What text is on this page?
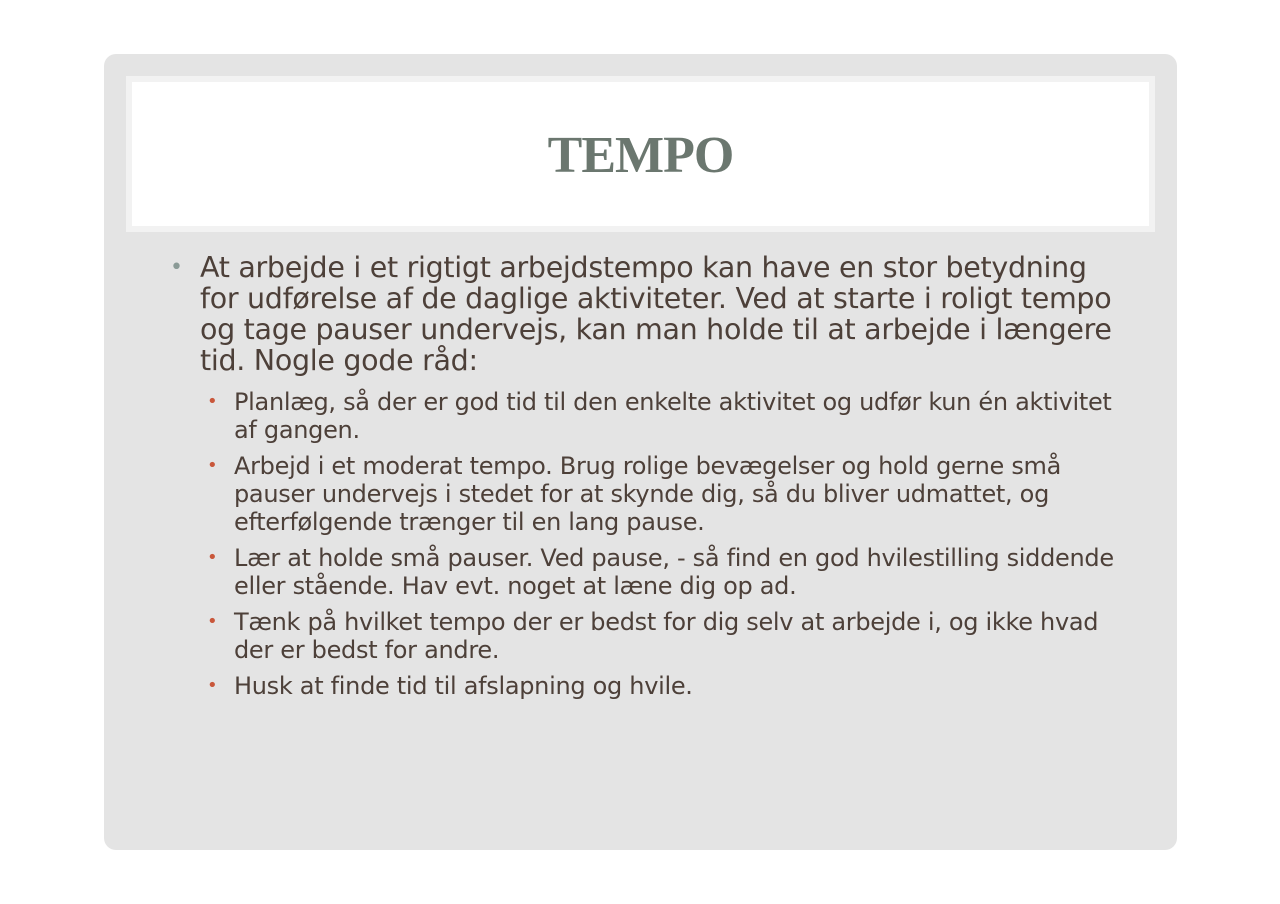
TEMPO
• At arbejde i et rigtigt arbejdstempo kan have en stor betydning for udførelse af de daglige aktiviteter. Ved at starte i roligt tempo og tage pauser undervejs, kan man holde til at arbejde i længere tid. Nogle gode råd:
• Planlæg, så der er god tid til den enkelte aktivitet og udfør kun én aktivitet af gangen.
• Arbejd i et moderat tempo. Brug rolige bevægelser og hold gerne små pauser undervejs i stedet for at skynde dig, så du bliver udmattet, og efterfølgende trænger til en lang pause.
• Lær at holde små pauser. Ved pause, - så find en god hvilestilling siddende eller stående. Hav evt. noget at læne dig op ad.
• Tænk på hvilket tempo der er bedst for dig selv at arbejde i, og ikke hvad der er bedst for andre.
• Husk at finde tid til afslapning og hvile.
